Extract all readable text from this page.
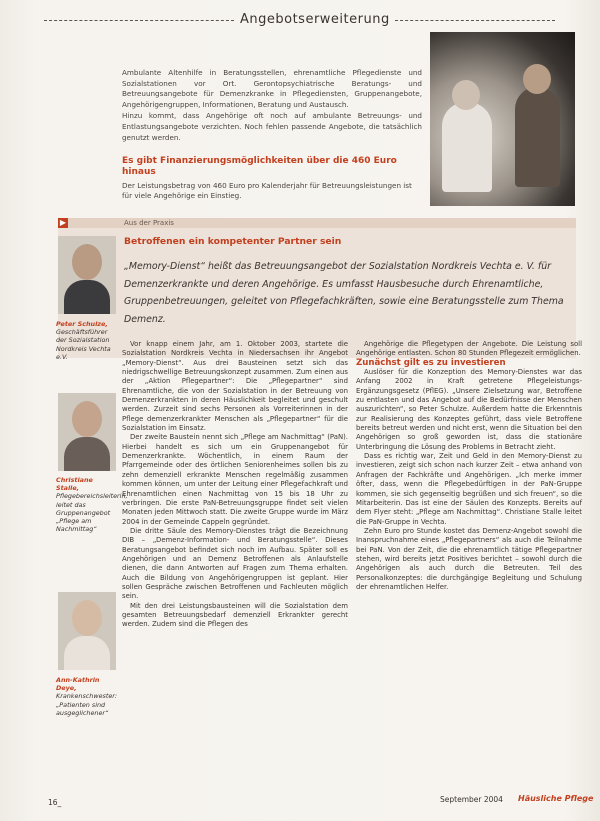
Angebotserweiterung

Ambulante Altenhilfe in Beratungsstellen, ehrenamtliche Pflegedienste und Sozialstationen vor Ort. Gerontopsychiatrische Beratungs- und Betreuungsangebote für Demenzkranke in Pflegediensten, Gruppenangebote, Angehörigengruppen, Informationen, Beratung und Austausch.

Hinzu kommt, dass Angehörige oft noch auf ambulante Betreuungs- und Entlastungsangebote verzichten. Noch fehlen passende Angebote, die tatsächlich genutzt werden.

Es gibt Finanzierungsmöglichkeiten über die 460 Euro hinaus
Der Leistungsbetrag von 460 Euro pro Kalenderjahr für Betreuungsleistungen ist für viele Angehörige ein Einstieg.
▶	Aus der Praxis
Betroffenen ein kompetenter Partner sein
„Memory-Dienst“ heißt das Betreuungsangebot der Sozialstation Nordkreis Vechta e. V. für Demenzerkrankte und deren Angehörige. Es umfasst Hausbesuche durch Ehrenamtliche, Gruppenbetreuungen, geleitet von Pflegefachkräften, sowie eine Beratungsstelle zum Thema Demenz.
Peter Schulze, Geschäftsführer der Sozialstation Nordkreis Vechta e.V.
Christiane Stalle, Pflegebereichsleiterin, leitet das Gruppenangebot „Pflege am Nachmittag“
Ann-Kathrin Deye, Krankenschwester: „Patienten sind ausgeglichener“

Vor knapp einem Jahr, am 1. Oktober 2003, startete die Sozialstation Nordkreis Vechta in Niedersachsen ihr Angebot „Memory-Dienst“. Aus drei Bausteinen setzt sich das niedrigschwellige Betreuungskonzept zusammen. Zum einen aus der „Aktion Pflegepartner“: Die „Pflegepartner“ sind Ehrenamtliche, die von der Sozialstation in der Betreuung von Demenzerkrankten in deren Häuslichkeit begleitet und geschult werden. Zurzeit sind sechs Personen als Vorreiterinnen in der Pflege demenzerkrankter Menschen als „Pflegepartner“ für die Sozialstation im Einsatz.

Der zweite Baustein nennt sich „Pflege am Nachmittag“ (PaN). Hierbei handelt es sich um ein Gruppenangebot für Demenzerkrankte. Wöchentlich, in einem Raum der Pfarrgemeinde oder des örtlichen Seniorenheimes sollen bis zu zehn demenziell erkrankte Menschen regelmäßig zusammen kommen können, um unter der Leitung einer Pflegefachkraft und Ehrenamtlichen einen Nachmittag von 15 bis 18 Uhr zu verbringen. Die erste PaN-Betreuungsgruppe findet seit vielen Monaten jeden Mittwoch statt. Die zweite Gruppe wurde im März 2004 in der Gemeinde Cappeln gegründet.

Die dritte Säule des Memory-Dienstes trägt die Bezeichnung DIB – „Demenz-Information- und Beratungsstelle“. Dieses Beratungsangebot befindet sich noch im Aufbau. Später soll es Angehörigen und an Demenz Betroffenen als Anlaufstelle dienen, die dann Antworten auf Fragen zum Thema erhalten. Auch die Bildung von Angehörigengruppen ist geplant. Hier sollen Gespräche zwischen Betroffenen und Fachleuten möglich sein.

Mit den drei Leistungsbausteinen will die Sozialstation dem gesamten Betreuungsbedarf demenziell Erkrankter gerecht werden. Zudem sind die Pflegen des

Angehörige die Pflegetypen der Angebote. Die Leistung soll Angehörige entlasten. Schon 80 Stunden Pflegezeit ermöglichen.

Zunächst gilt es zu investieren

Auslöser für die Konzeption des Memory-Dienstes war das Anfang 2002 in Kraft getretene Pflegeleistungs-Ergänzungsgesetz (PflEG). „Unsere Zielsetzung war, Betroffene zu entlasten und das Angebot auf die Bedürfnisse der Menschen auszurichten“, so Peter Schulze. Außerdem hatte die Erkenntnis zur Realisierung des Konzeptes geführt, dass viele Betroffene bereits betreut werden und nicht erst, wenn die Situation bei den Angehörigen so groß geworden ist, dass die stationäre Unterbringung die Lösung des Problems in Betracht zieht.

Dass es richtig war, Zeit und Geld in den Memory-Dienst zu investieren, zeigt sich schon nach kurzer Zeit – etwa anhand von Anfragen der Fachkräfte und Angehörigen. „Ich merke immer öfter, dass, wenn die Pflegebedürftigen in der PaN-Gruppe kommen, sie sich gegenseitig begrüßen und sich freuen“, so die Mitarbeiterin. Das ist eine der Säulen des Konzepts. Bereits auf dem Flyer steht: „Pflege am Nachmittag“. Christiane Stalle leitet die PaN-Gruppe in Vechta.

Zehn Euro pro Stunde kostet das Demenz-Angebot sowohl die Inanspruchnahme eines „Pflegepartners“ als auch die Teilnahme bei PaN. Von der Zeit, die die ehrenamtlich tätige Pflegepartner stehen, wird bereits jetzt Positives berichtet – sowohl durch die Angehörigen als auch durch die Betreuten. Teil des Personalkonzeptes: die durchgängige Begleitung und Schulung der ehrenamtlichen Helfer.

16_	September 2004 Häusliche Pflege
